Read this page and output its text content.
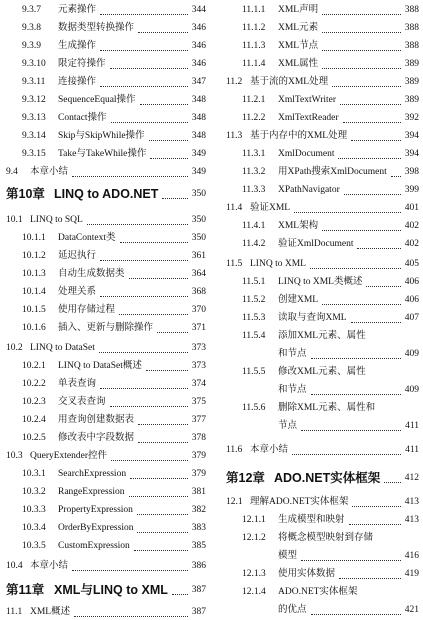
9.3.7 元素操作	344
9.3.8 数据类型转换操作	346
9.3.9 生成操作	346
9.3.10 限定符操作	346
9.3.11 连接操作	347
9.3.12 SequenceEqual操作	348
9.3.13 Contact操作	348
9.3.14 Skip与SkipWhile操作	348
9.3.15 Take与TakeWhile操作	349
9.4 本章小结	349
第10章 LINQ to ADO.NET	350
10.1 LINQ to SQL	350
10.1.1 DataContext类	350
10.1.2 延迟执行	361
10.1.3 自动生成数据类	364
10.1.4 处理关系	368
10.1.5 使用存储过程	370
10.1.6 插入、更新与删除操作	371
10.2 LINQ to DataSet	373
10.2.1 LINQ to DataSet概述	373
10.2.2 单表查询	374
10.2.3 交叉表查询	375
10.2.4 用查询创建数据表	377
10.2.5 修改表中字段数据	378
10.3 QueryExtender控件	379
10.3.1 SearchExpression	379
10.3.2 RangeExpression	381
10.3.3 PropertyExpression	382
10.3.4 OrderByExpression	383
10.3.5 CustomExpression	385
10.4 本章小结	386
第11章 XML与LINQ to XML	387
11.1 XML概述	387
11.1.1 XML声明	388
11.1.2 XML元素	388
11.1.3 XML节点	388
11.1.4 XML属性	389
11.2 基于流的XML处理	389
11.2.1 XmlTextWriter	389
11.2.2 XmlTextReader	392
11.3 基于内存中的XML处理	394
11.3.1 XmlDocument	394
11.3.2 用XPath搜索XmlDocument 398
11.3.3 XPathNavigator	399
11.4 验证XML	401
11.4.1 XML架构	402
11.4.2 验证XmlDocument	402
11.5 LINQ to XML	405
11.5.1 LINQ to XML类概述	406
11.5.2 创建XML	406
11.5.3 读取与查询XML	407
11.5.4 添加XML元素、属性
和节点	409
11.5.5 修改XML元素、属性
和节点	409
11.5.6 删除XML元素、属性和
节点	411
11.6 本章小结	411
第12章 ADO.NET实体框架	412
12.1 理解ADO.NET实体框架	413
12.1.1 生成模型和映射	413
12.1.2 将概念模型映射到存储
模型	416
12.1.3 使用实体数据	419
12.1.4 ADO.NET实体框架
的优点	421
